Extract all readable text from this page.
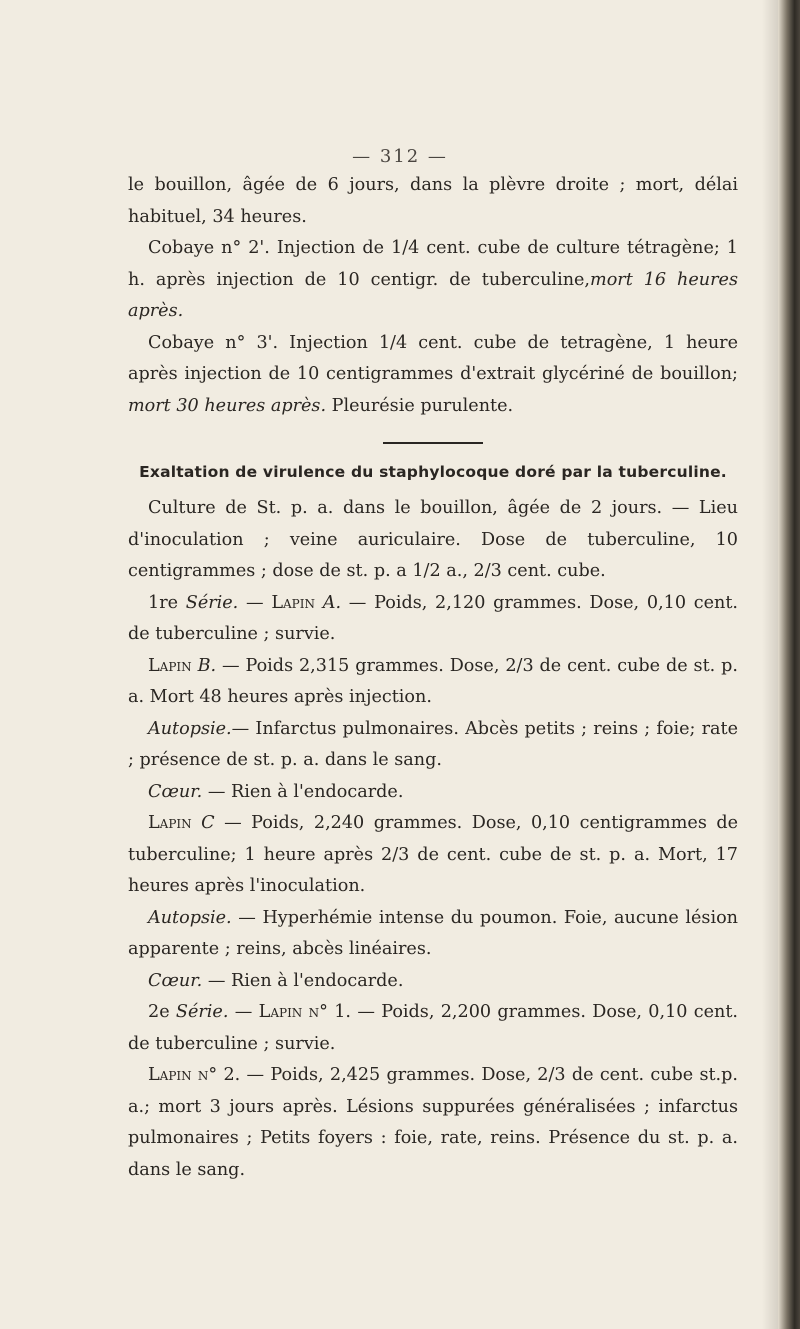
— 312 —

le bouillon, âgée de 6 jours, dans la plèvre droite ; mort, délai habituel, 34 heures.

Cobaye n° 2'. Injection de 1/4 cent. cube de culture tétragène; 1 h. après injection de 10 centigr. de tuberculine,mort 16 heures après.

Cobaye n° 3'. Injection 1/4 cent. cube de tetragène, 1 heure après injection de 10 centigrammes d'extrait glycériné de bouillon; mort 30 heures après. Pleurésie purulente.

Exaltation de virulence du staphylocoque doré par la tuberculine.

Culture de St. p. a. dans le bouillon, âgée de 2 jours. — Lieu d'inoculation ; veine auriculaire. Dose de tuberculine, 10 centigrammes ; dose de st. p. a 1/2 a., 2/3 cent. cube.

1re Série. — Lapin A. — Poids, 2,120 grammes. Dose, 0,10 cent. de tuberculine ; survie.

Lapin B. — Poids 2,315 grammes. Dose, 2/3 de cent. cube de st. p. a. Mort 48 heures après injection.

Autopsie.— Infarctus pulmonaires. Abcès petits ; reins ; foie; rate ; présence de st. p. a. dans le sang.

Cœur. — Rien à l'endocarde.

Lapin C — Poids, 2,240 grammes. Dose, 0,10 centigrammes de tuberculine; 1 heure après 2/3 de cent. cube de st. p. a. Mort, 17 heures après l'inoculation.

Autopsie. — Hyperhémie intense du poumon. Foie, aucune lésion apparente ; reins, abcès linéaires.

Cœur. — Rien à l'endocarde.

2e Série. — Lapin n° 1. — Poids, 2,200 grammes. Dose, 0,10 cent. de tuberculine ; survie.

Lapin n° 2. — Poids, 2,425 grammes. Dose, 2/3 de cent. cube st.p. a.; mort 3 jours après. Lésions suppurées généralisées ; infarctus pulmonaires ; Petits foyers : foie, rate, reins. Présence du st. p. a. dans le sang.
